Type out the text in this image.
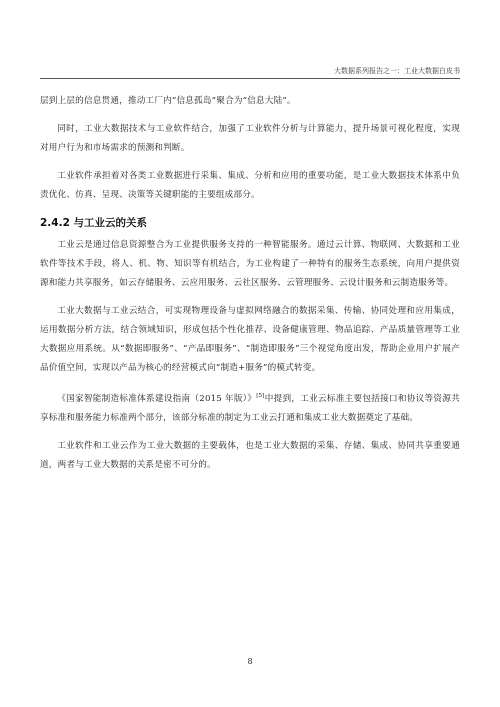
大数据系列报告之一：工业大数据白皮书

层到上层的信息贯通，推动工厂内“信息孤岛”聚合为“信息大陆”。

同时，工业大数据技术与工业软件结合，加强了工业软件分析与计算能力，提升场景可视化程度，实现对用户行为和市场需求的预测和判断。

工业软件承担着对各类工业数据进行采集、集成、分析和应用的重要功能，是工业大数据技术体系中负责优化、仿真、呈现、决策等关键职能的主要组成部分。

2.4.2 与工业云的关系

工业云是通过信息资源整合为工业提供服务支持的一种智能服务。通过云计算、物联网、大数据和工业软件等技术手段，将人、机、物、知识等有机结合，为工业构建了一种特有的服务生态系统，向用户提供资源和能力共享服务，如云存储服务、云应用服务、云社区服务、云管理服务、云设计服务和云制造服务等。

工业大数据与工业云结合，可实现物理设备与虚拟网络融合的数据采集、传输、协同处理和应用集成，运用数据分析方法，结合领域知识，形成包括个性化推荐、设备健康管理、物品追踪、产品质量管理等工业大数据应用系统。从“数据即服务”、“产品即服务”、“制造即服务”三个视觉角度出发，帮助企业用户扩展产品价值空间，实现以产品为核心的经营模式向“制造+服务”的模式转变。

《国家智能制造标准体系建设指南（2015 年版）》[5]中提到，工业云标准主要包括接口和协议等资源共享标准和服务能力标准两个部分，该部分标准的制定为工业云打通和集成工业大数据奠定了基础。

工业软件和工业云作为工业大数据的主要载体，也是工业大数据的采集、存储、集成、协同共享重要通道，两者与工业大数据的关系是密不可分的。

8
